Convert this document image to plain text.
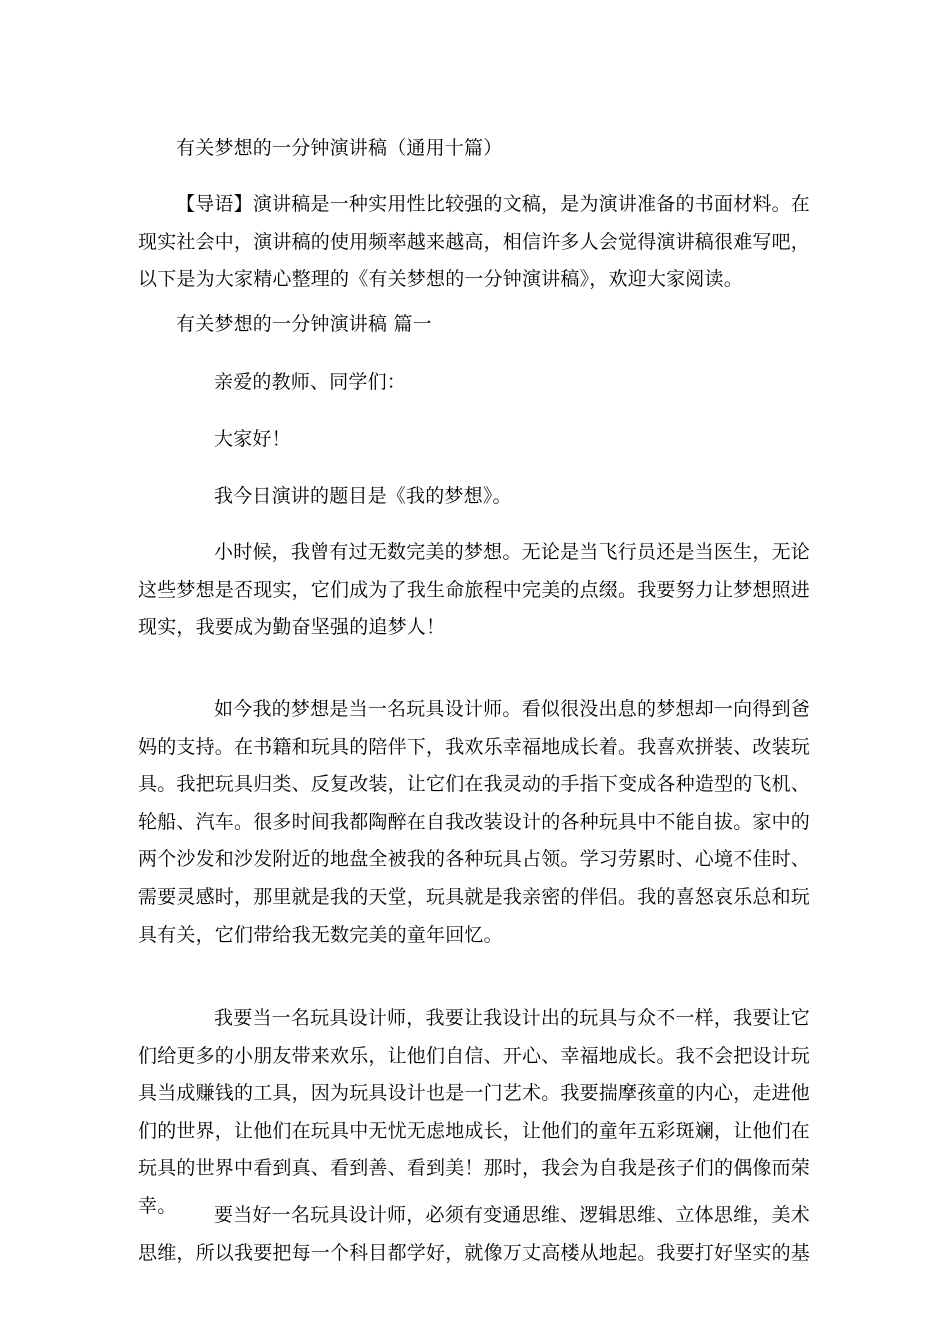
有关梦想的一分钟演讲稿（通用十篇）

【导语】演讲稿是一种实用性比较强的文稿，是为演讲准备的书面材料。在现实社会中，演讲稿的使用频率越来越高，相信许多人会觉得演讲稿很难写吧，以下是为大家精心整理的《有关梦想的一分钟演讲稿》，欢迎大家阅读。

有关梦想的一分钟演讲稿 篇一

亲爱的教师、同学们：

大家好！

我今日演讲的题目是《我的梦想》。

小时候，我曾有过无数完美的梦想。无论是当飞行员还是当医生，无论这些梦想是否现实，它们成为了我生命旅程中完美的点缀。我要努力让梦想照进现实，我要成为勤奋坚强的追梦人！

如今我的梦想是当一名玩具设计师。看似很没出息的梦想却一向得到爸妈的支持。在书籍和玩具的陪伴下，我欢乐幸福地成长着。我喜欢拼装、改装玩具。我把玩具归类、反复改装，让它们在我灵动的手指下变成各种造型的飞机、轮船、汽车。很多时间我都陶醉在自我改装设计的各种玩具中不能自拔。家中的两个沙发和沙发附近的地盘全被我的各种玩具占领。学习劳累时、心境不佳时、需要灵感时，那里就是我的天堂，玩具就是我亲密的伴侣。我的喜怒哀乐总和玩具有关，它们带给我无数完美的童年回忆。

我要当一名玩具设计师，我要让我设计出的玩具与众不一样，我要让它们给更多的小朋友带来欢乐，让他们自信、开心、幸福地成长。我不会把设计玩具当成赚钱的工具，因为玩具设计也是一门艺术。我要揣摩孩童的内心，走进他们的世界，让他们在玩具中无忧无虑地成长，让他们的童年五彩斑斓，让他们在玩具的世界中看到真、看到善、看到美！那时，我会为自我是孩子们的偶像而荣幸。	要当好一名玩具设计师，必须有变通思维、逻辑思维、立体思维，美术思维，所以我要把每一个科目都学好，就像万丈高楼从地起。我要打好坚实的基
